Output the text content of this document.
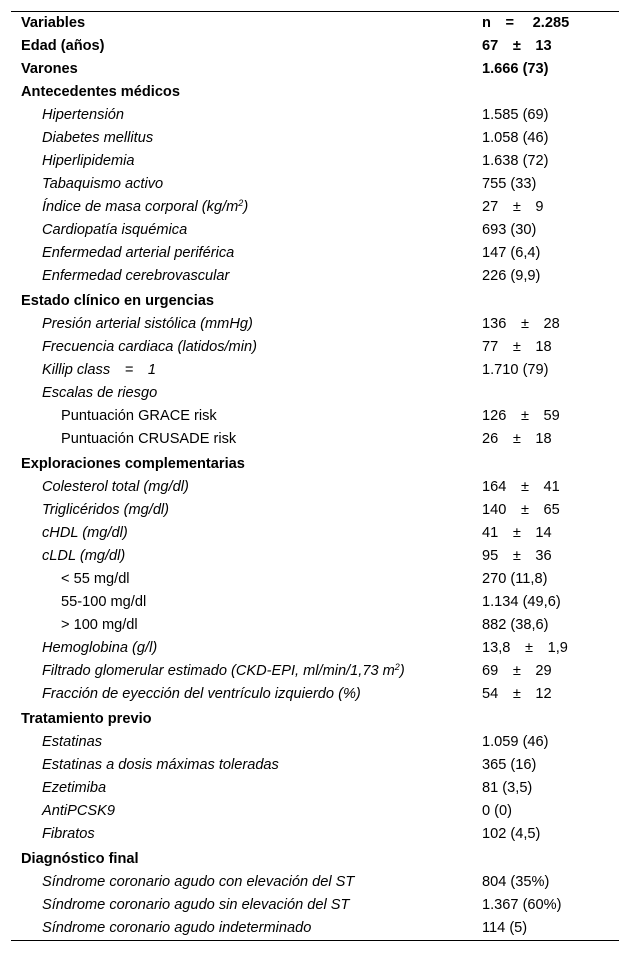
Variables	n  =   2.285
Edad (años)	67  ±  13
Varones	1.666 (73)
Antecedentes médicos
Hipertensión	1.585 (69)
Diabetes mellitus	1.058 (46)
Hiperlipidemia	1.638 (72)
Tabaquismo activo	755 (33)
Índice de masa corporal $(kg/m^2)$	27  ±  9
Cardiopatía isquémica	693 (30)
Enfermedad arterial periférica	147 (6,4)
Enfermedad cerebrovascular	226 (9,9)
Estado clínico en urgencias
Presión arterial sistólica (mmHg)	136  ±  28
Frecuencia cardiaca (latidos/min)	77  ±  18
Killip class  =  1	1.710 (79)
Escalas de riesgo
Puntuación GRACE risk	126  ±  59
Puntuación CRUSADE risk	26  ±  18
Exploraciones complementarias
Colesterol total (mg/dl)	164  ±  41
Triglicéridos (mg/dl)	140  ±  65
cHDL (mg/dl)	41  ±  14
cLDL (mg/dl)	95  ±  36
< 55 mg/dl	270 (11,8)
55-100 mg/dl	1.134 (49,6)
> 100 mg/dl	882 (38,6)
Hemoglobina (g/l)	13,8  ±  1,9
Filtrado glomerular estimado (CKD-EPI, ml/min/1,73 $m^2$)	69  ±  29
Fracción de eyección del ventrículo izquierdo (%)	54  ±  12
Tratamiento previo
Estatinas	1.059 (46)
Estatinas a dosis máximas toleradas	365 (16)
Ezetimiba	81 (3,5)
AntiPCSK9	0 (0)
Fibratos	102 (4,5)
Diagnóstico final
Síndrome coronario agudo con elevación del ST	804 (35%)
Síndrome coronario agudo sin elevación del ST	1.367 (60%)
Síndrome coronario agudo indeterminado	114 (5)
